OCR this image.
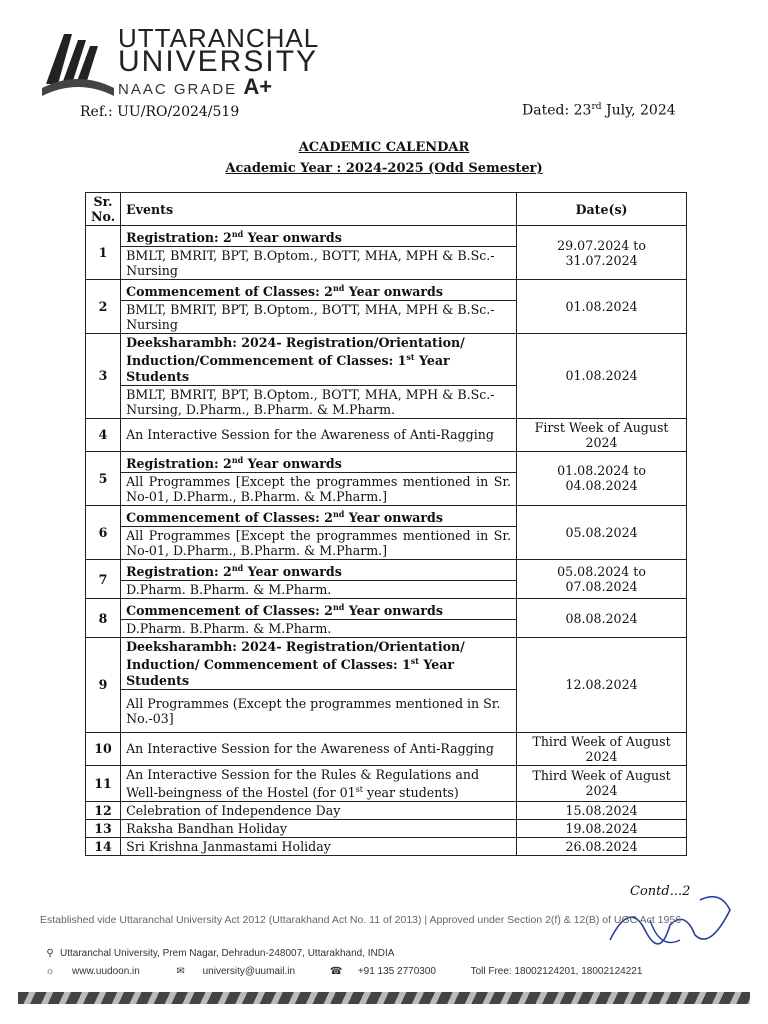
UTTARANCHAL
UNIVERSITY
NAAC GRADE A+
Ref.: UU/RO/2024/519	Dated: 23rd July, 2024
ACADEMIC CALENDAR
Academic Year : 2024-2025 (Odd Semester)
Sr. No.	Events	Date(s)
1	Registration: 2nd Year onwards	29.07.2024 to 31.07.2024
	BMLT, BMRIT, BPT, B.Optom., BOTT, MHA, MPH & B.Sc.-Nursing	
2	Commencement of Classes: 2nd Year onwards	01.08.2024
	BMLT, BMRIT, BPT, B.Optom., BOTT, MHA, MPH & B.Sc.-Nursing	
3	Deeksharambh: 2024- Registration/Orientation/ Induction/Commencement of Classes: 1st Year Students	01.08.2024
	BMLT, BMRIT, BPT, B.Optom., BOTT, MHA, MPH & B.Sc.-Nursing, D.Pharm., B.Pharm. & M.Pharm.	
4	An Interactive Session for the Awareness of Anti-Ragging	First Week of August 2024
5	Registration: 2nd Year onwards	01.08.2024 to 04.08.2024
	All Programmes [Except the programmes mentioned in Sr. No-01, D.Pharm., B.Pharm. & M.Pharm.]	
6	Commencement of Classes: 2nd Year onwards	05.08.2024
	All Programmes [Except the programmes mentioned in Sr. No-01, D.Pharm., B.Pharm. & M.Pharm.]	
7	Registration: 2nd Year onwards	05.08.2024 to 07.08.2024
	D.Pharm. B.Pharm. & M.Pharm.	
8	Commencement of Classes: 2nd Year onwards	08.08.2024
	D.Pharm. B.Pharm. & M.Pharm.	
9	Deeksharambh: 2024- Registration/Orientation/ Induction/ Commencement of Classes: 1st Year Students	12.08.2024
	All Programmes (Except the programmes mentioned in Sr. No.-03]	
10	An Interactive Session for the Awareness of Anti-Ragging	Third Week of August 2024
11	An Interactive Session for the Rules & Regulations and Well-beingness of the Hostel (for 01st year students)	Third Week of August 2024
12	Celebration of Independence Day	15.08.2024
13	Raksha Bandhan Holiday	19.08.2024
14	Sri Krishna Janmastami Holiday	26.08.2024
Contd...2
Established vide Uttaranchal University Act 2012 (Uttarakhand Act No. 11 of 2013) | Approved under Section 2(f) & 12(B) of UGC Act 1956
⚲ Uttaranchal University, Prem Nagar, Dehradun-248007, Uttarakhand, INDIA
☼ www.uudoon.in	✉ university@uumail.in	☎ +91 135 2770300	Toll Free: 18002124201, 18002124221
